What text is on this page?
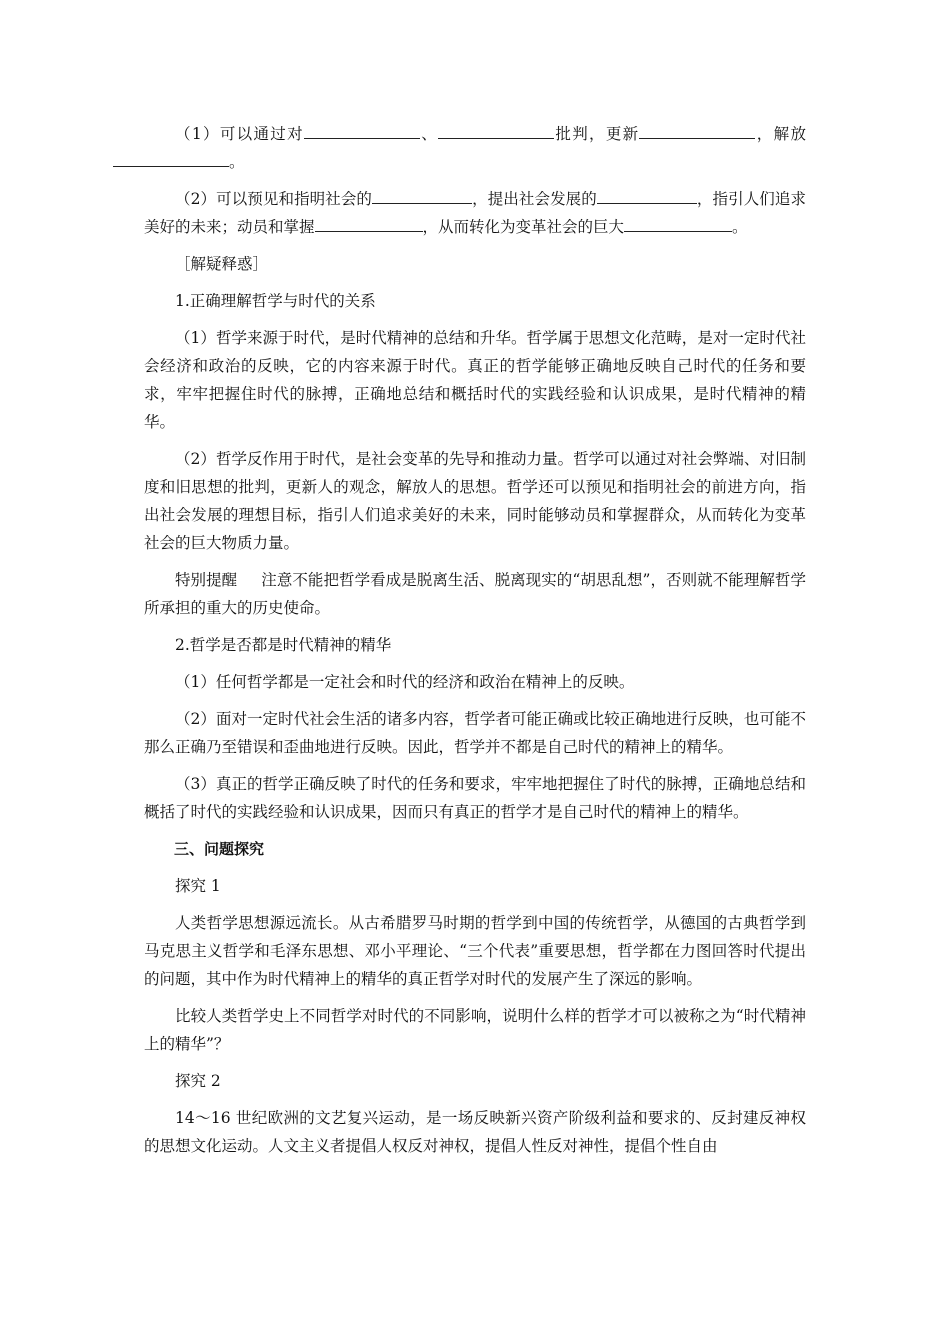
（1）可以通过对	、	批判，更新	，解放。

（2）可以预见和指明社会的	，提出社会发展的	，指引人们追求美好的未来；动员和掌握	，从而转化为变革社会的巨大	。

［解疑释惑］

1.正确理解哲学与时代的关系

（1）哲学来源于时代，是时代精神的总结和升华。哲学属于思想文化范畴，是对一定时代社会经济和政治的反映，它的内容来源于时代。真正的哲学能够正确地反映自己时代的任务和要求，牢牢把握住时代的脉搏，正确地总结和概括时代的实践经验和认识成果，是时代精神的精华。

（2）哲学反作用于时代，是社会变革的先导和推动力量。哲学可以通过对社会弊端、对旧制度和旧思想的批判，更新人的观念，解放人的思想。哲学还可以预见和指明社会的前进方向，指出社会发展的理想目标，指引人们追求美好的未来，同时能够动员和掌握群众，从而转化为变革社会的巨大物质力量。

特别提醒 注意不能把哲学看成是脱离生活、脱离现实的“胡思乱想”，否则就不能理解哲学所承担的重大的历史使命。

2.哲学是否都是时代精神的精华

（1）任何哲学都是一定社会和时代的经济和政治在精神上的反映。

（2）面对一定时代社会生活的诸多内容，哲学者可能正确或比较正确地进行反映，也可能不那么正确乃至错误和歪曲地进行反映。因此，哲学并不都是自己时代的精神上的精华。

（3）真正的哲学正确反映了时代的任务和要求，牢牢地把握住了时代的脉搏，正确地总结和概括了时代的实践经验和认识成果，因而只有真正的哲学才是自己时代的精神上的精华。

三、问题探究

探究 1

人类哲学思想源远流长。从古希腊罗马时期的哲学到中国的传统哲学，从德国的古典哲学到马克思主义哲学和毛泽东思想、邓小平理论、“三个代表”重要思想，哲学都在力图回答时代提出的问题，其中作为时代精神上的精华的真正哲学对时代的发展产生了深远的影响。

比较人类哲学史上不同哲学对时代的不同影响，说明什么样的哲学才可以被称之为“时代精神上的精华”？

探究 2

14～16 世纪欧洲的文艺复兴运动，是一场反映新兴资产阶级利益和要求的、反封建反神权的思想文化运动。人文主义者提倡人权反对神权，提倡人性反对神性，提倡个性自由
